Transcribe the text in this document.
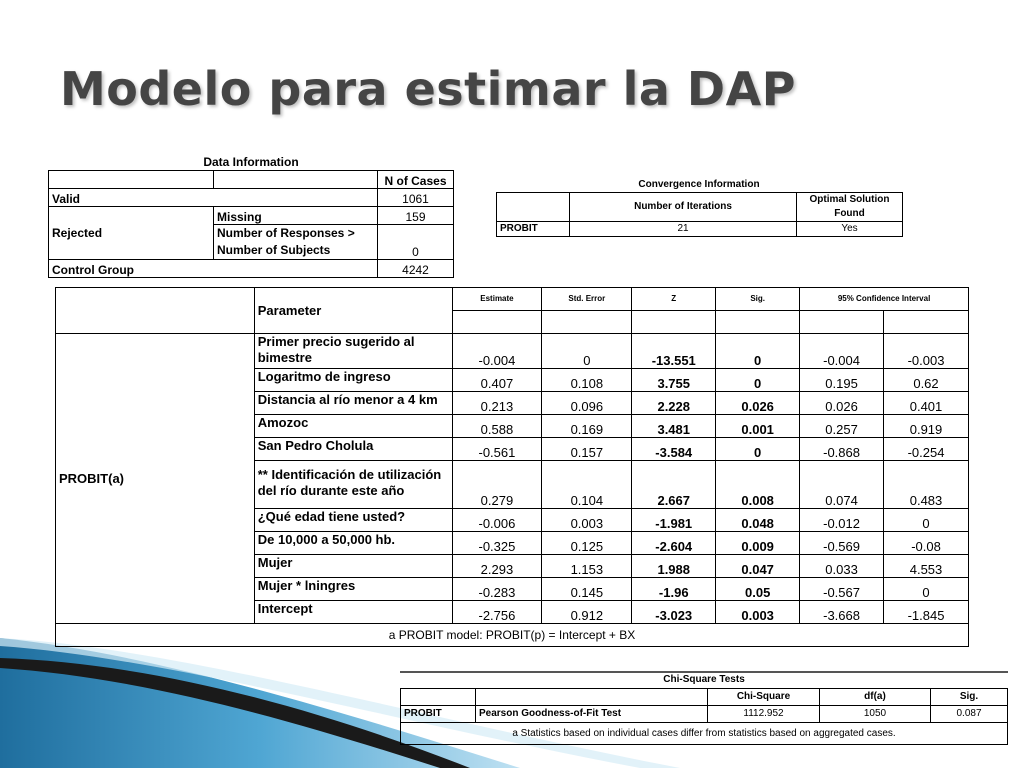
Modelo para estimar la DAP
Data Information
		N of Cases
Valid		1061
Rejected	Missing	159
	Number of Responses > Number of Subjects	0
Control Group		4242
Convergence Information
	Number of Iterations	Optimal Solution Found
PROBIT	21	Yes
	Parameter	Estimate	Std. Error	Z	Sig.	95% Confidence Interval	

PROBIT(a)	Primer precio sugerido al bimestre	-0.004	0	-13.551	0	-0.004	-0.003
	Logaritmo de ingreso	0.407	0.108	3.755	0	0.195	0.62
	Distancia al río menor a 4 km	0.213	0.096	2.228	0.026	0.026	0.401
	Amozoc	0.588	0.169	3.481	0.001	0.257	0.919
	San Pedro Cholula	-0.561	0.157	-3.584	0	-0.868	-0.254
	** Identificación de utilización del río durante este año	0.279	0.104	2.667	0.008	0.074	0.483
	¿Qué edad tiene usted?	-0.006	0.003	-1.981	0.048	-0.012	0
	De 10,000 a 50,000 hb.	-0.325	0.125	-2.604	0.009	-0.569	-0.08
	Mujer	2.293	1.153	1.988	0.047	0.033	4.553
	Mujer * lningres	-0.283	0.145	-1.96	0.05	-0.567	0
	Intercept	-2.756	0.912	-3.023	0.003	-3.668	-1.845
a PROBIT model: PROBIT(p) = Intercept + BX							
Chi-Square Tests
		Chi-Square	df(a)	Sig.
PROBIT	Pearson Goodness-of-Fit Test	1112.952	1050	0.087
a Statistics based on individual cases differ from statistics based on aggregated cases.				
